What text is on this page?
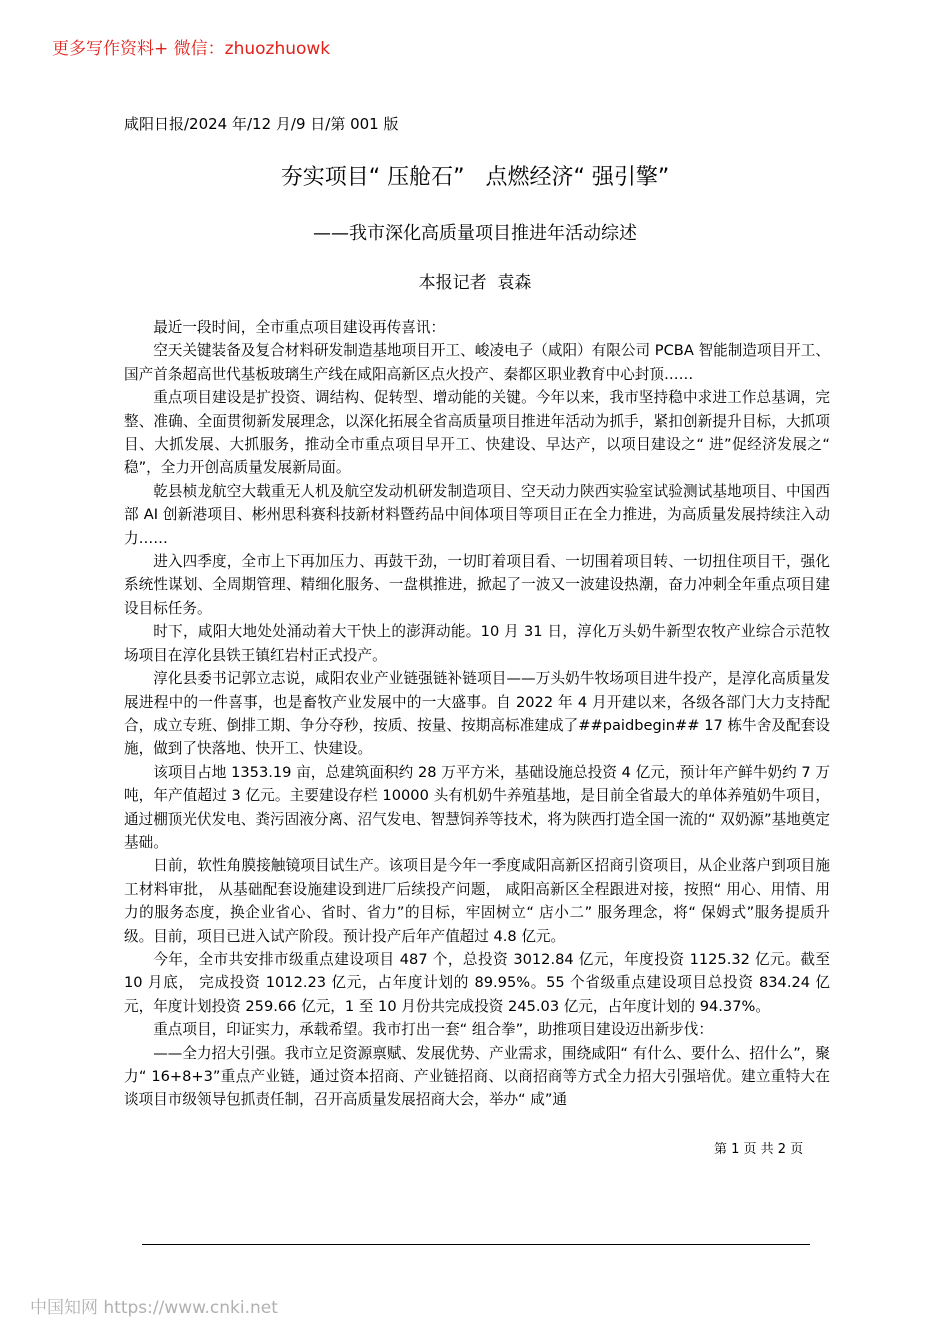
更多写作资料+ 微信：zhuozhuowk
咸阳日报/2024 年/12 月/9 日/第 001 版
夯实项目“ 压舱石”   点燃经济“ 强引擎”
——我市深化高质量项目推进年活动综述
本报记者  袁森

最近一段时间，全市重点项目建设再传喜讯：

空天关键装备及复合材料研发制造基地项目开工、峻凌电子（咸阳）有限公司 PCBA 智能制造项目开工、国产首条超高世代基板玻璃生产线在咸阳高新区点火投产、秦都区职业教育中心封顶……

重点项目建设是扩投资、调结构、促转型、增动能的关键。今年以来，我市坚持稳中求进工作总基调，完整、准确、全面贯彻新发展理念，以深化拓展全省高质量项目推进年活动为抓手，紧扣创新提升目标，大抓项目、大抓发展、大抓服务，推动全市重点项目早开工、快建设、早达产，以项目建设之“ 进”促经济发展之“ 稳”，全力开创高质量发展新局面。

乾县桢龙航空大载重无人机及航空发动机研发制造项目、空天动力陕西实验室试验测试基地项目、中国西部 AI 创新港项目、彬州思科赛科技新材料暨药品中间体项目等项目正在全力推进，为高质量发展持续注入动力……

进入四季度，全市上下再加压力、再鼓干劲，一切盯着项目看、一切围着项目转、一切扭住项目干，强化系统性谋划、全周期管理、精细化服务、一盘棋推进，掀起了一波又一波建设热潮，奋力冲刺全年重点项目建设目标任务。

时下，咸阳大地处处涌动着大干快上的澎湃动能。10 月 31 日，淳化万头奶牛新型农牧产业综合示范牧场项目在淳化县铁王镇红岩村正式投产。

淳化县委书记郭立志说，咸阳农业产业链强链补链项目——万头奶牛牧场项目进牛投产，是淳化高质量发展进程中的一件喜事，也是畜牧产业发展中的一大盛事。自 2022 年 4 月开建以来，各级各部门大力支持配合，成立专班、倒排工期、争分夺秒，按质、按量、按期高标准建成了##paidbegin## 17 栋牛舍及配套设施，做到了快落地、快开工、快建设。

该项目占地 1353.19 亩，总建筑面积约 28 万平方米，基础设施总投资 4 亿元，预计年产鲜牛奶约 7 万吨，年产值超过 3 亿元。主要建设存栏 10000 头有机奶牛养殖基地，是目前全省最大的单体养殖奶牛项目，通过棚顶光伏发电、粪污固液分离、沼气发电、智慧饲养等技术，将为陕西打造全国一流的“ 双奶源”基地奠定基础。

日前，软性角膜接触镜项目试生产。该项目是今年一季度咸阳高新区招商引资项目，从企业落户到项目施工材料审批， 从基础配套设施建设到进厂后续投产问题， 咸阳高新区全程跟进对接，按照“ 用心、用情、用力的服务态度，换企业省心、省时、省力”的目标，牢固树立“ 店小二” 服务理念，将“ 保姆式”服务提质升级。目前，项目已进入试产阶段。预计投产后年产值超过 4.8 亿元。

今年，全市共安排市级重点建设项目 487 个，总投资 3012.84 亿元，年度投资 1125.32 亿元。截至 10 月底， 完成投资 1012.23 亿元，占年度计划的 89.95%。55 个省级重点建设项目总投资 834.24 亿元，年度计划投资 259.66 亿元，1 至 10 月份共完成投资 245.03 亿元，占年度计划的 94.37%。

重点项目，印证实力，承载希望。我市打出一套“ 组合拳”，助推项目建设迈出新步伐：

——全力招大引强。我市立足资源禀赋、发展优势、产业需求，围绕咸阳“ 有什么、要什么、招什么”，聚力“ 16+8+3”重点产业链，通过资本招商、产业链招商、以商招商等方式全力招大引强培优。建立重特大在谈项目市级领导包抓责任制，召开高质量发展招商大会，举办“ 咸”通

第 1 页 共 2 页
中国知网 https://www.cnki.net
